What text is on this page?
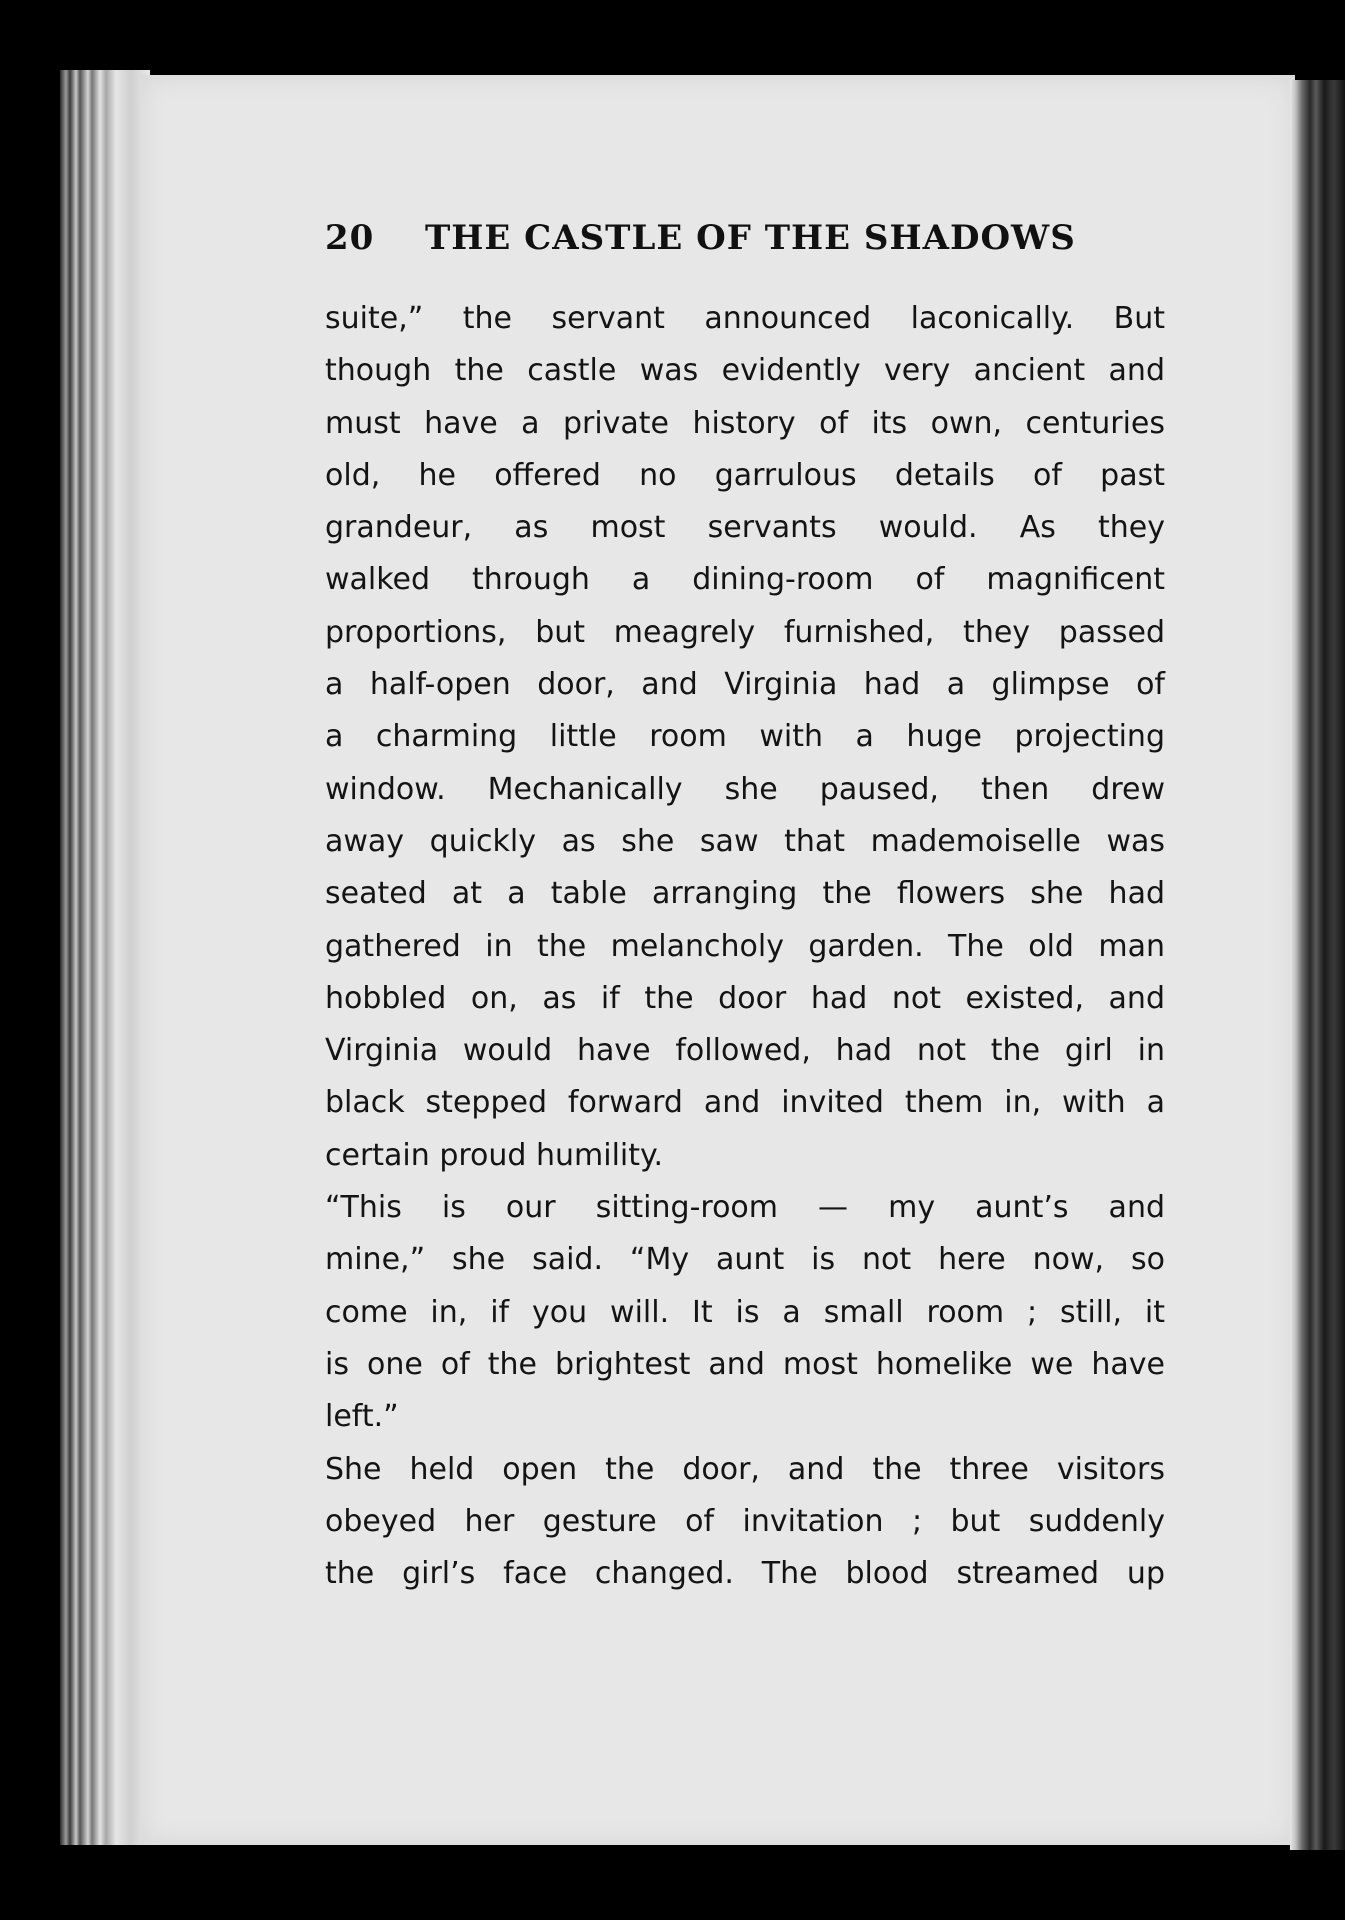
20 THE CASTLE OF THE SHADOWS
suite,” the servant announced laconically. But
though the castle was evidently very ancient and
must have a private history of its own, centuries
old, he offered no garrulous details of past
grandeur, as most servants would. As they
walked through a dining-room of magnificent
proportions, but meagrely furnished, they passed
a half-open door, and Virginia had a glimpse of
a charming little room with a huge projecting
window. Mechanically she paused, then drew
away quickly as she saw that mademoiselle was
seated at a table arranging the flowers she had
gathered in the melancholy garden. The old man
hobbled on, as if the door had not existed, and
Virginia would have followed, had not the girl in
black stepped forward and invited them in, with a
certain proud humility.
“This is our sitting-room — my aunt’s and
mine,” she said. “My aunt is not here now, so
come in, if you will. It is a small room ; still, it
is one of the brightest and most homelike we have
left.”
She held open the door, and the three visitors
obeyed her gesture of invitation ; but suddenly
the girl’s face changed. The blood streamed up
